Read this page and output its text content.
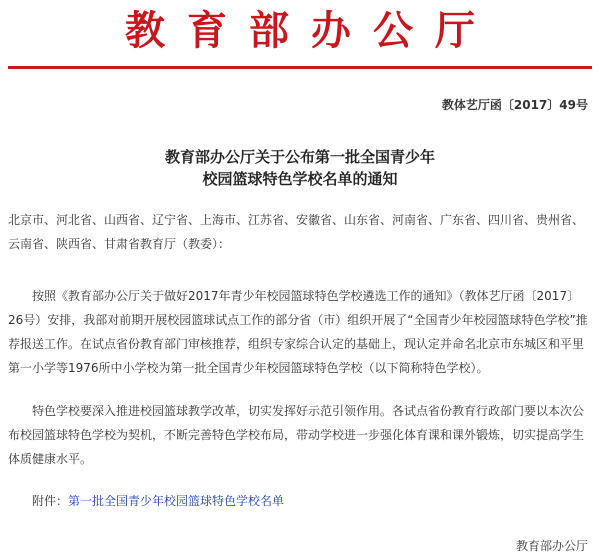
教育部办公厅
教体艺厅函〔2017〕49号
教育部办公厅关于公布第一批全国青少年
校园篮球特色学校名单的通知
北京市、河北省、山西省、辽宁省、上海市、江苏省、安徽省、山东省、河南省、广东省、四川省、贵州省、云南省、陕西省、甘肃省教育厅（教委）：
按照《教育部办公厅关于做好2017年青少年校园篮球特色学校遴选工作的通知》（教体艺厅函〔2017〕26号）安排，我部对前期开展校园篮球试点工作的部分省（市）组织开展了“全国青少年校园篮球特色学校”推荐报送工作。在试点省份教育部门审核推荐，组织专家综合认定的基础上，现认定并命名北京市东城区和平里第一小学等1976所中小学校为第一批全国青少年校园篮球特色学校（以下简称特色学校）。
特色学校要深入推进校园篮球教学改革，切实发挥好示范引领作用。各试点省份教育行政部门要以本次公布校园篮球特色学校为契机，不断完善特色学校布局，带动学校进一步强化体育课和课外锻炼，切实提高学生体质健康水平。
附件：第一批全国青少年校园篮球特色学校名单
教育部办公厅
